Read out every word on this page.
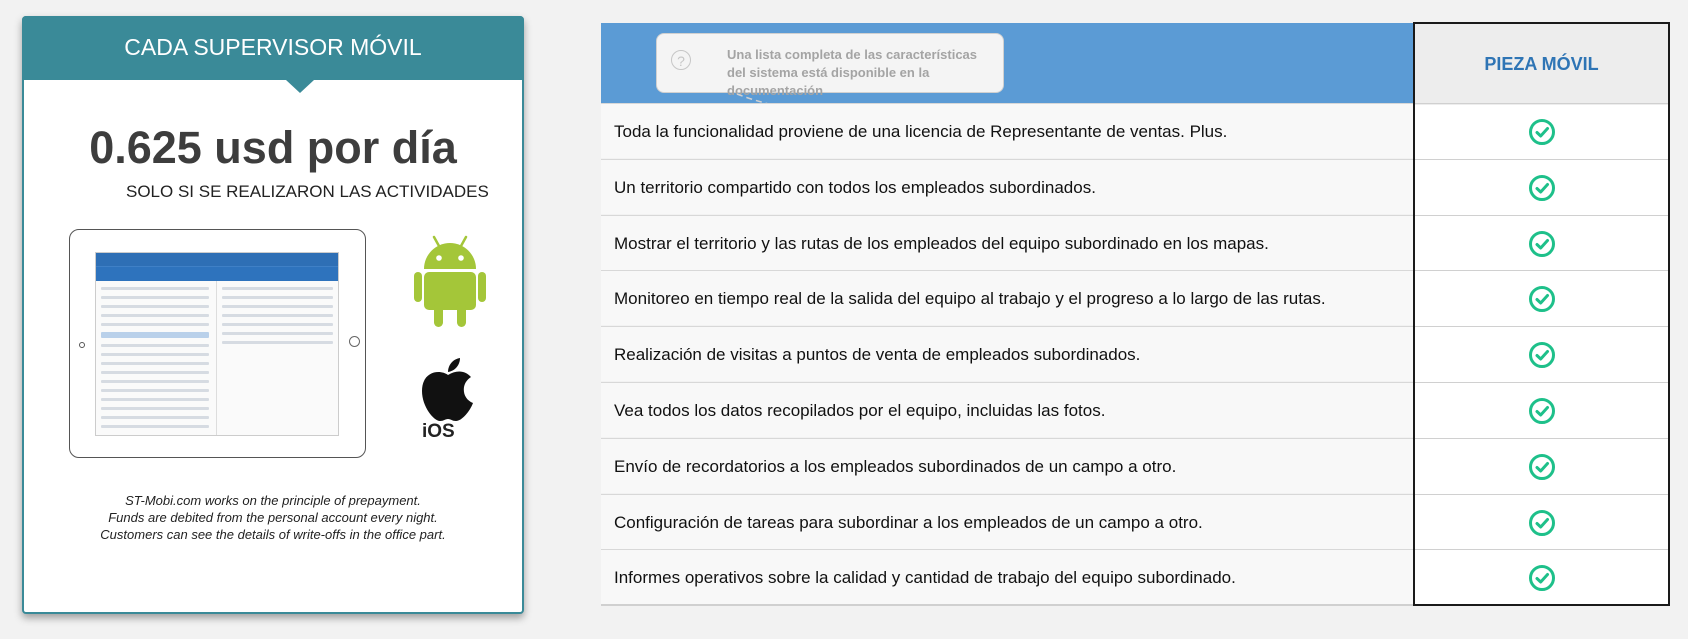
CADA SUPERVISOR MÓVIL
0.625 usd por día
SOLO SI SE REALIZARON LAS ACTIVIDADES
iOS
ST-Mobi.com works on the principle of prepayment.
Funds are debited from the personal account every night.
Customers can see the details of write-offs in the office part.
?	Una lista completa de las características del sistema está disponible en la documentación
Toda la funcionalidad proviene de una licencia de Representante de ventas. Plus.
Un territorio compartido con todos los empleados subordinados.
Mostrar el territorio y las rutas de los empleados del equipo subordinado en los mapas.
Monitoreo en tiempo real de la salida del equipo al trabajo y el progreso a lo largo de las rutas.
Realización de visitas a puntos de venta de empleados subordinados.
Vea todos los datos recopilados por el equipo, incluidas las fotos.
Envío de recordatorios a los empleados subordinados de un campo a otro.
Configuración de tareas para subordinar a los empleados de un campo a otro.
Informes operativos sobre la calidad y cantidad de trabajo del equipo subordinado.
PIEZA MÓVIL
